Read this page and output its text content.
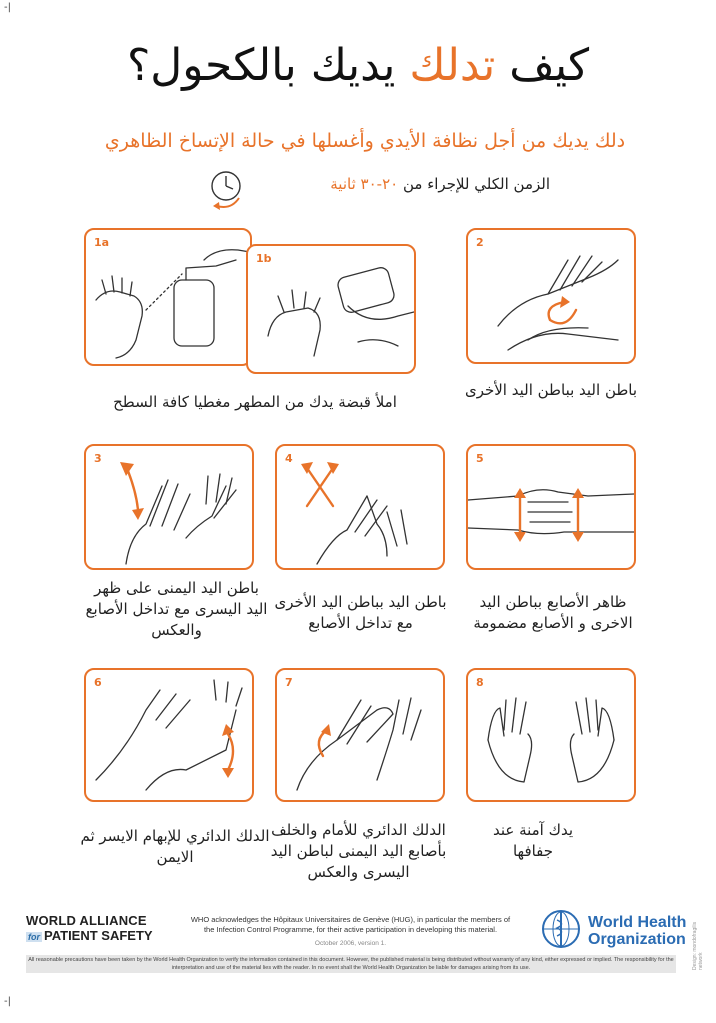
-|
-|
كيف تدلك يديك بالكحول؟
دلك يديك من أجل نظافة الأيدي وأغسلها في حالة الإتساخ الظاهري
الزمن الكلي للإجراء من ٢٠-٣٠ ثانية
1a
1b
2
املأ قبضة يدك من المطهر مغطيا كافة السطح
باطن اليد بباطن اليد الأخرى
3	4	5
باطن اليد اليمنى على ظهر اليد اليسرى مع تداخل الأصابع والعكس
باطن اليد بباطن اليد الأخرى مع تداخل الأصابع
ظاهر الأصابع بباطن اليد الاخرى و الأصابع مضمومة
6	7	8
الدلك الدائري للإبهام الايسر ثم الايمن
الدلك الدائري للأمام والخلف بأصابع اليد اليمنى لباطن اليد اليسرى والعكس
يدك آمنة عند جفافها
WORLD ALLIANCE
for PATIENT SAFETY
WHO acknowledges the Hôpitaux Universitaires de Genève (HUG), in particular the members of the Infection Control Programme, for their active participation in developing this material.
October 2006, version 1.
World Health
Organization Design: mondofragilis network
All reasonable precautions have been taken by the World Health Organization to verify the information contained in this document. However, the published material is being distributed without warranty of any kind, either expressed or implied. The responsibility for the interpretation and use of the material lies with the reader. In no event shall the World Health Organization be liable for damages arising from its use.
